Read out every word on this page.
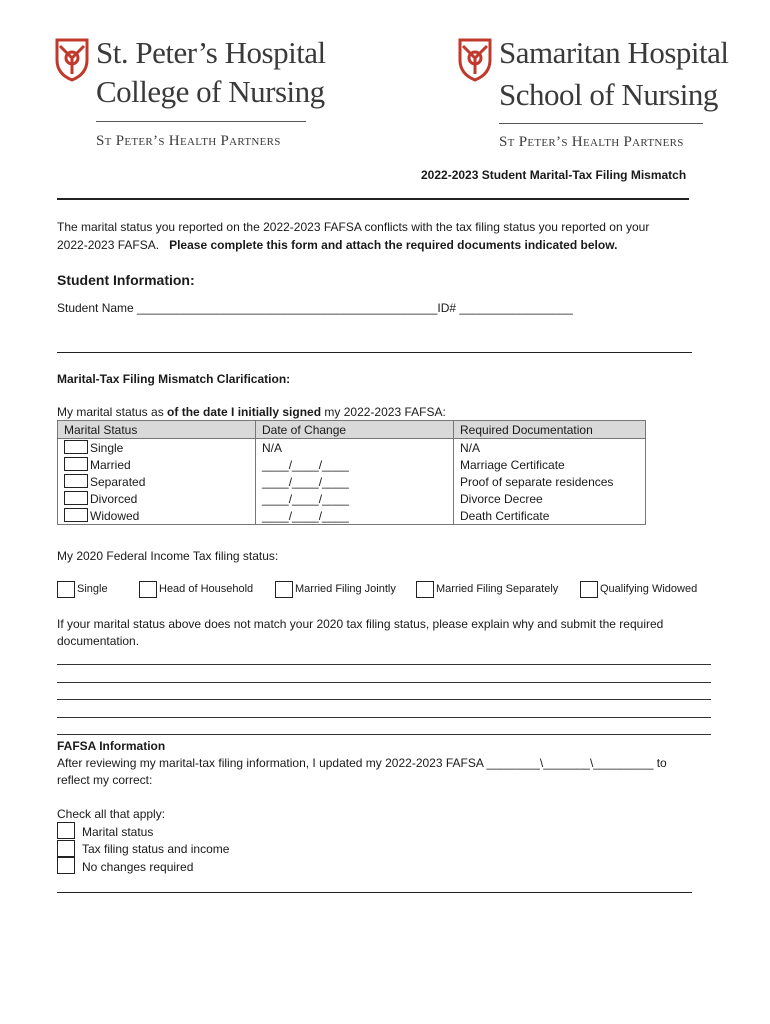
St. Peter’s Hospital
College of Nursing
St Peter’s Health Partners
Samaritan Hospital
School of Nursing
St Peter’s Health Partners
2022-2023 Student Marital-Tax Filing Mismatch
The marital status you reported on the 2022-2023 FAFSA conflicts with the tax filing status you reported on your
2022-2023 FAFSA. Please complete this form and attach the required documents indicated below.
Student Information:
Student Name _____________________________________________ID# _________________
Marital-Tax Filing Mismatch Clarification:
My marital status as of the date I initially signed my 2022-2023 FAFSA:
Marital Status	Date of Change	Required Documentation
Single	N/A	N/A
Married	____/____/____	Marriage Certificate
Separated	____/____/____	Proof of separate residences
Divorced	____/____/____	Divorce Decree
Widowed	____/____/____	Death Certificate
My 2020 Federal Income Tax filing status:
Single	Head of Household	Married Filing Jointly	Married Filing Separately	Qualifying Widowed
If your marital status above does not match your 2020 tax filing status, please explain why and submit the required
documentation.
FAFSA Information
After reviewing my marital-tax filing information, I updated my 2022-2023 FAFSA ________\_______\_________ to
reflect my correct:
Check all that apply:
Marital status
Tax filing status and income
No changes required
